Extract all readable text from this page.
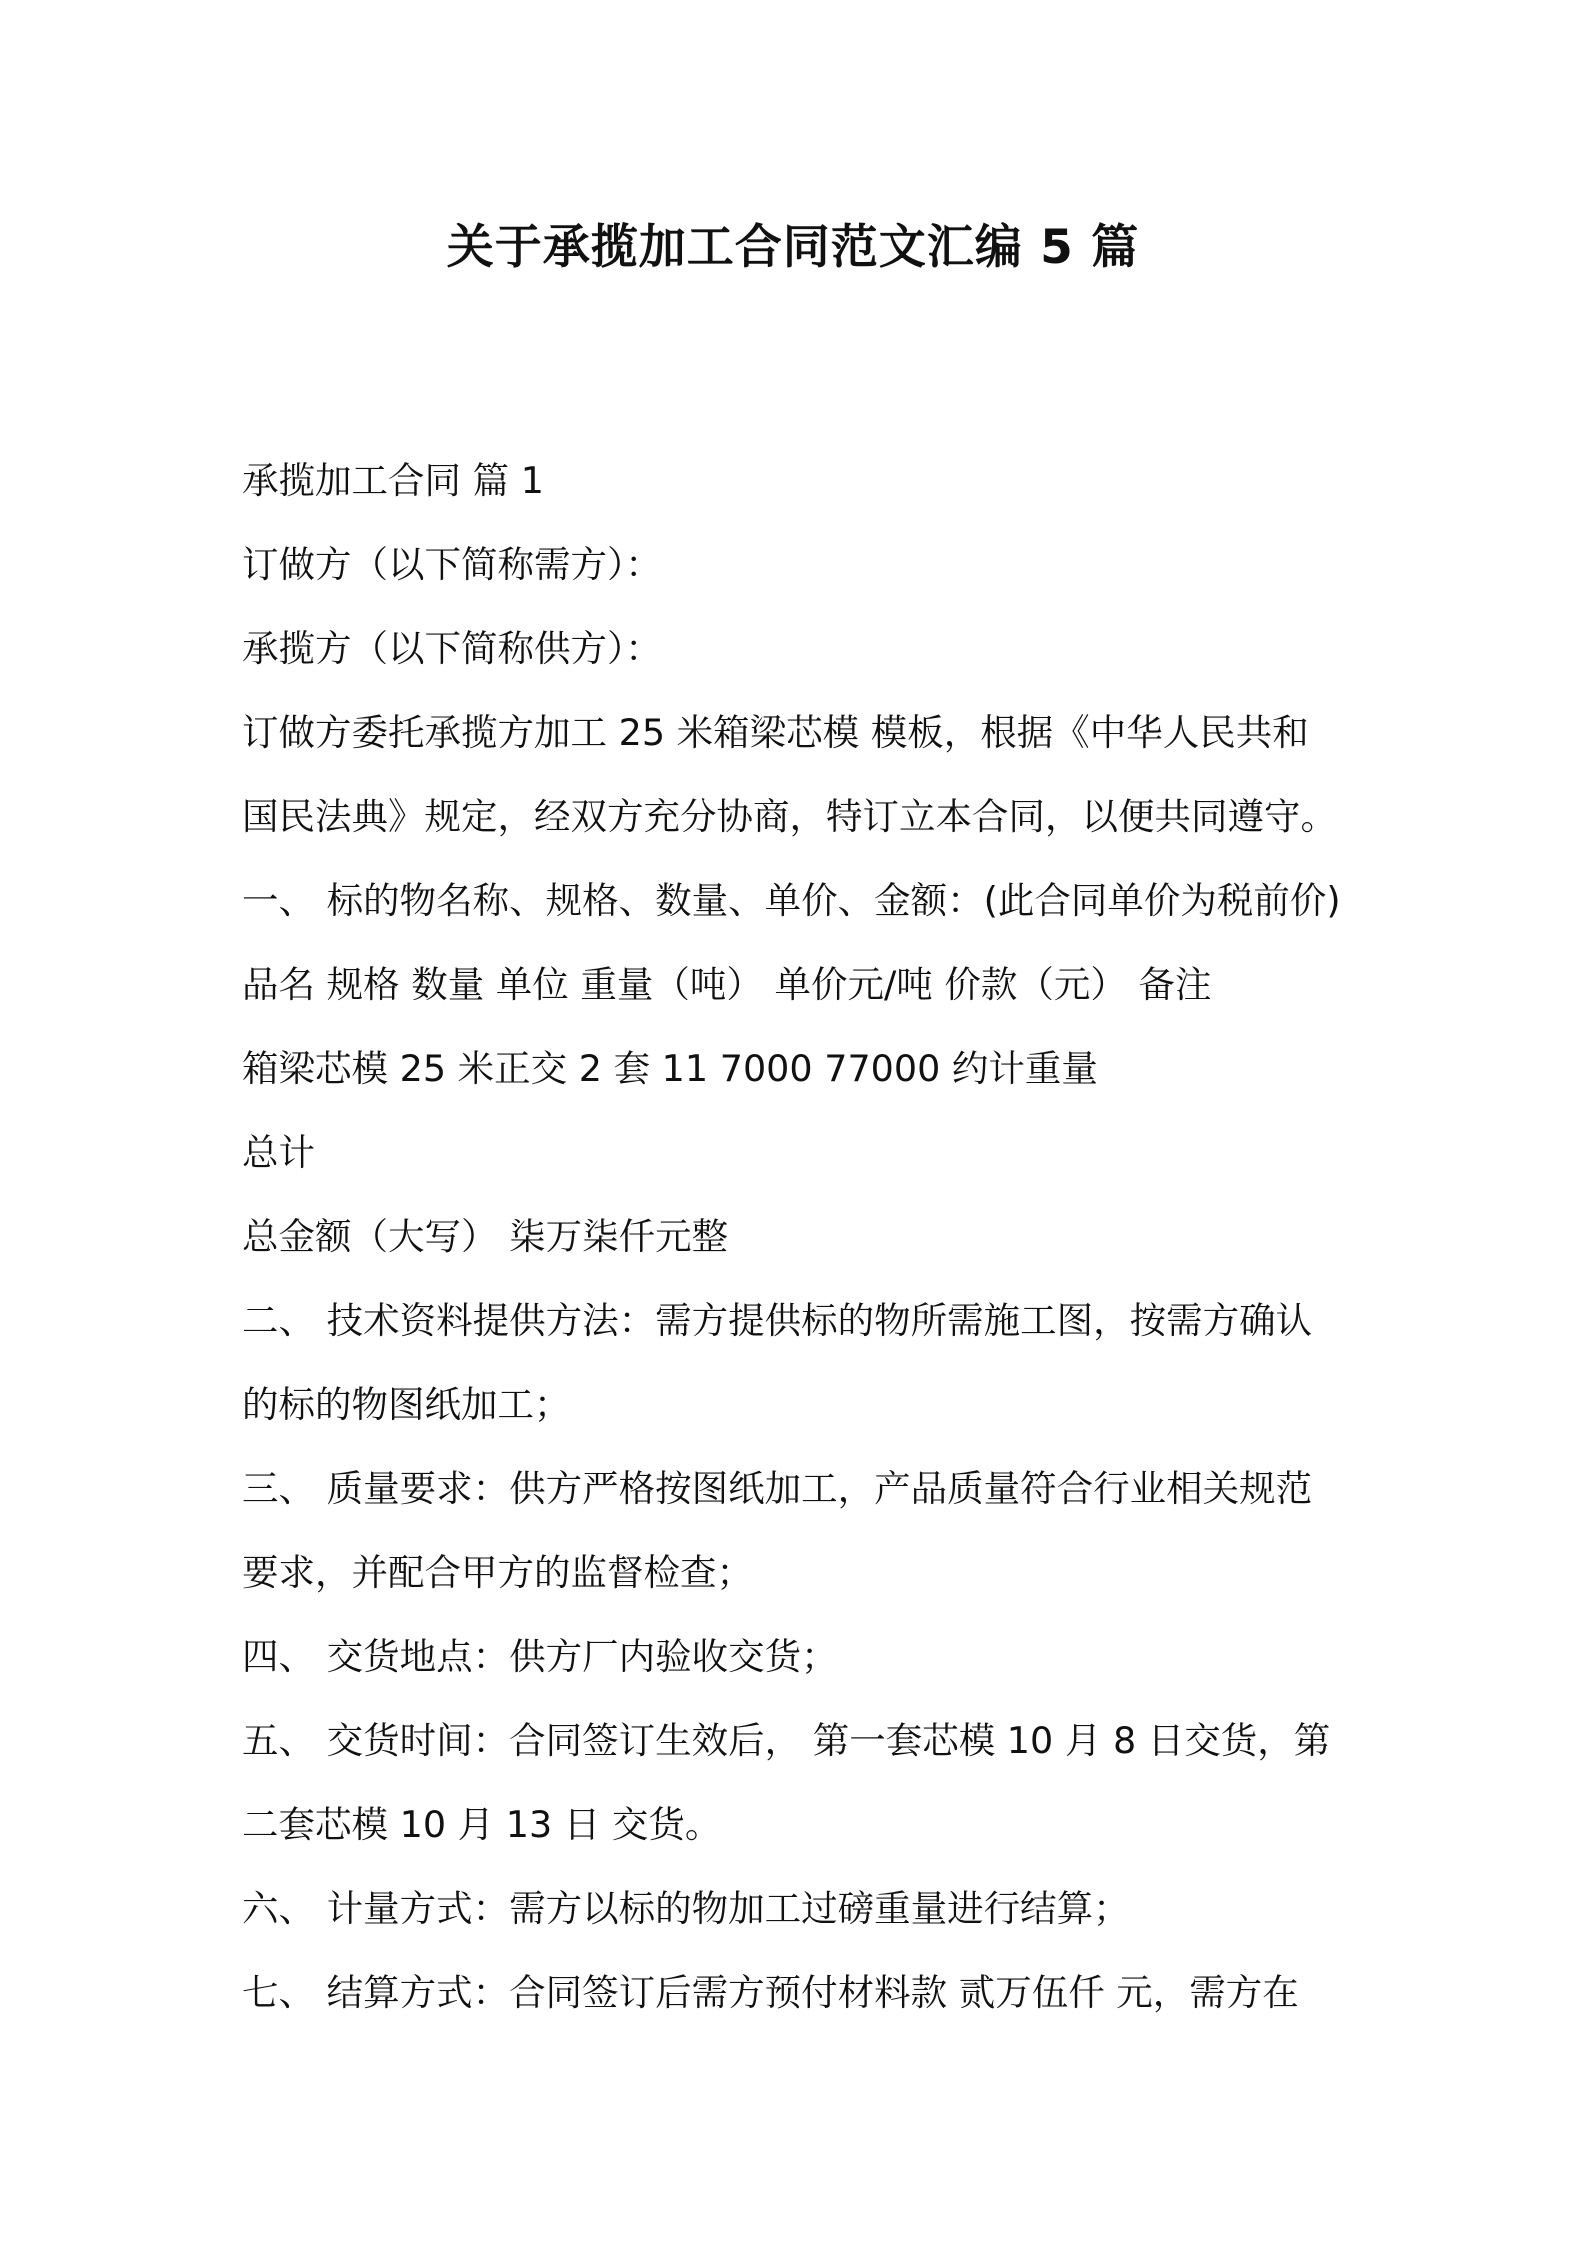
关于承揽加工合同范文汇编 5 篇
承揽加工合同 篇 1
订做方（以下简称需方）：
承揽方（以下简称供方）：
订做方委托承揽方加工 25 米箱梁芯模 模板，根据《中华人民共和
国民法典》规定，经双方充分协商，特订立本合同，以便共同遵守。
一、 标的物名称、规格、数量、单价、金额：(此合同单价为税前价)
品名 规格 数量 单位 重量（吨） 单价元/吨 价款（元） 备注
箱梁芯模 25 米正交 2 套 11 7000 77000 约计重量
总计
总金额（大写） 柒万柒仟元整
二、 技术资料提供方法：需方提供标的物所需施工图，按需方确认
的标的物图纸加工；
三、 质量要求：供方严格按图纸加工，产品质量符合行业相关规范
要求，并配合甲方的监督检查；
四、 交货地点：供方厂内验收交货；
五、 交货时间：合同签订生效后， 第一套芯模 10 月 8 日交货，第
二套芯模 10 月 13 日 交货。
六、 计量方式：需方以标的物加工过磅重量进行结算；
七、 结算方式：合同签订后需方预付材料款 贰万伍仟 元，需方在
